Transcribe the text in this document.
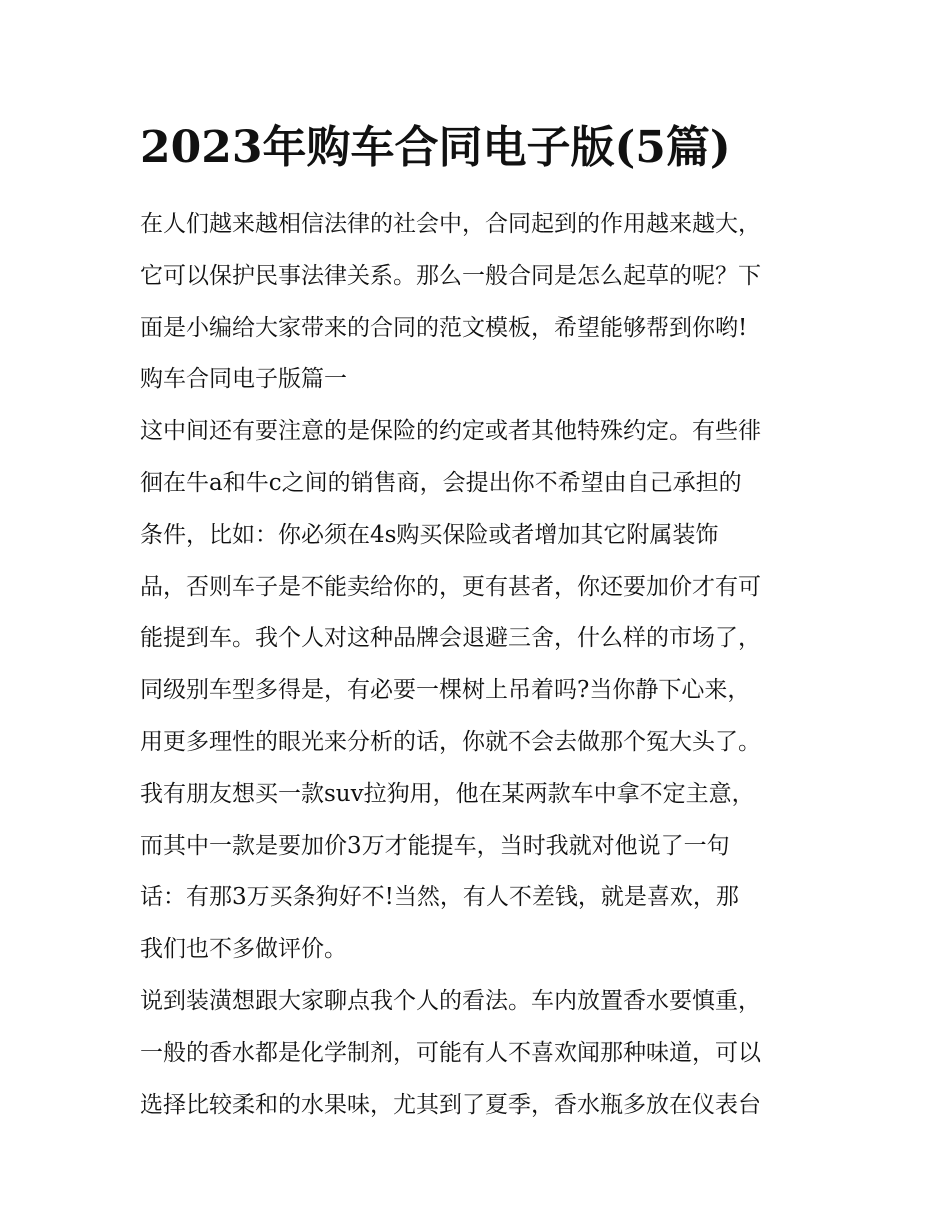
2023年购车合同电子版(5篇)
在人们越来越相信法律的社会中，合同起到的作用越来越大，
它可以保护民事法律关系。那么一般合同是怎么起草的呢？下
面是小编给大家带来的合同的范文模板，希望能够帮到你哟!
购车合同电子版篇一
这中间还有要注意的是保险的约定或者其他特殊约定。有些徘
徊在牛a和牛c之间的销售商，会提出你不希望由自己承担的
条件，比如：你必须在4s购买保险或者增加其它附属装饰
品，否则车子是不能卖给你的，更有甚者，你还要加价才有可
能提到车。我个人对这种品牌会退避三舍，什么样的市场了，
同级别车型多得是，有必要一棵树上吊着吗?当你静下心来，
用更多理性的眼光来分析的话，你就不会去做那个冤大头了。
我有朋友想买一款suv拉狗用，他在某两款车中拿不定主意，
而其中一款是要加价3万才能提车，当时我就对他说了一句
话：有那3万买条狗好不!当然，有人不差钱，就是喜欢，那
我们也不多做评价。
说到装潢想跟大家聊点我个人的看法。车内放置香水要慎重，
一般的香水都是化学制剂，可能有人不喜欢闻那种味道，可以
选择比较柔和的水果味，尤其到了夏季，香水瓶多放在仪表台
